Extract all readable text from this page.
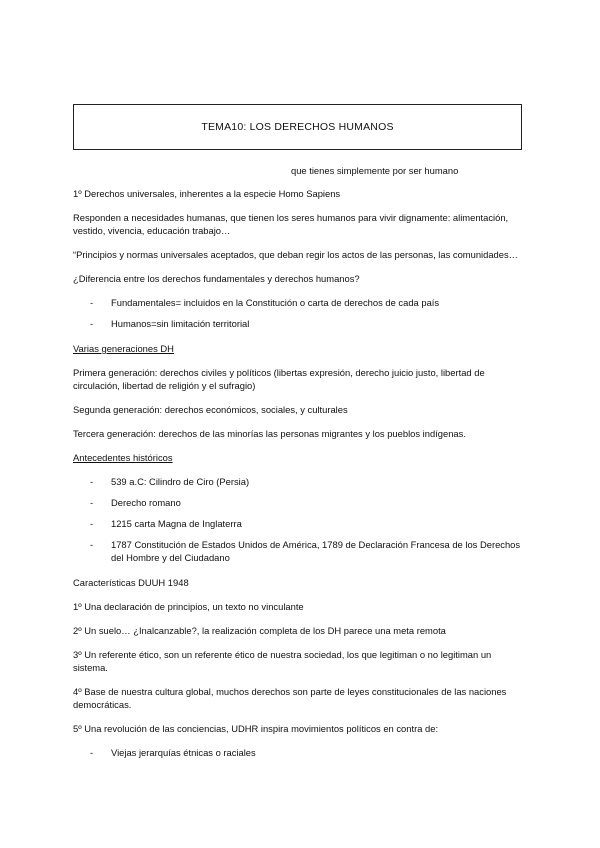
TEMA10: LOS DERECHOS HUMANOS
que tienes simplemente por ser humano

1º Derechos universales, inherentes a la especie Homo Sapiens

Responden a necesidades humanas, que tienen los seres humanos para vivir dignamente: alimentación, vestido, vivencia, educación trabajo…

“Principios y normas universales aceptados, que deban regir los actos de las personas, las comunidades…

¿Diferencia entre los derechos fundamentales y derechos humanos?

- Fundamentales= incluidos en la Constitución o carta de derechos de cada país
- Humanos=sin limitación territorial

Varias generaciones DH

Primera generación: derechos civiles y políticos (libertas expresión, derecho juicio justo, libertad de circulación, libertad de religión y el sufragio)

Segunda generación: derechos económicos, sociales, y culturales

Tercera generación: derechos de las minorías las personas migrantes y los pueblos indígenas.

Antecedentes históricos

- 539 a.C: Cilindro de Ciro (Persia)
- Derecho romano
- 1215 carta Magna de Inglaterra
- 1787 Constitución de Estados Unidos de América, 1789 de Declaración Francesa de los Derechos del Hombre y del Ciudadano

Características DUUH 1948

1º Una declaración de principios, un texto no vinculante

2º Un suelo… ¿Inalcanzable?, la realización completa de los DH parece una meta remota

3º Un referente ético, son un referente ético de nuestra sociedad, los que legitiman o no legitiman un sistema.

4º Base de nuestra cultura global, muchos derechos son parte de leyes constitucionales de las naciones democráticas.

5º Una revolución de las conciencias, UDHR inspira movimientos políticos en contra de:

- Viejas jerarquías étnicas o raciales
